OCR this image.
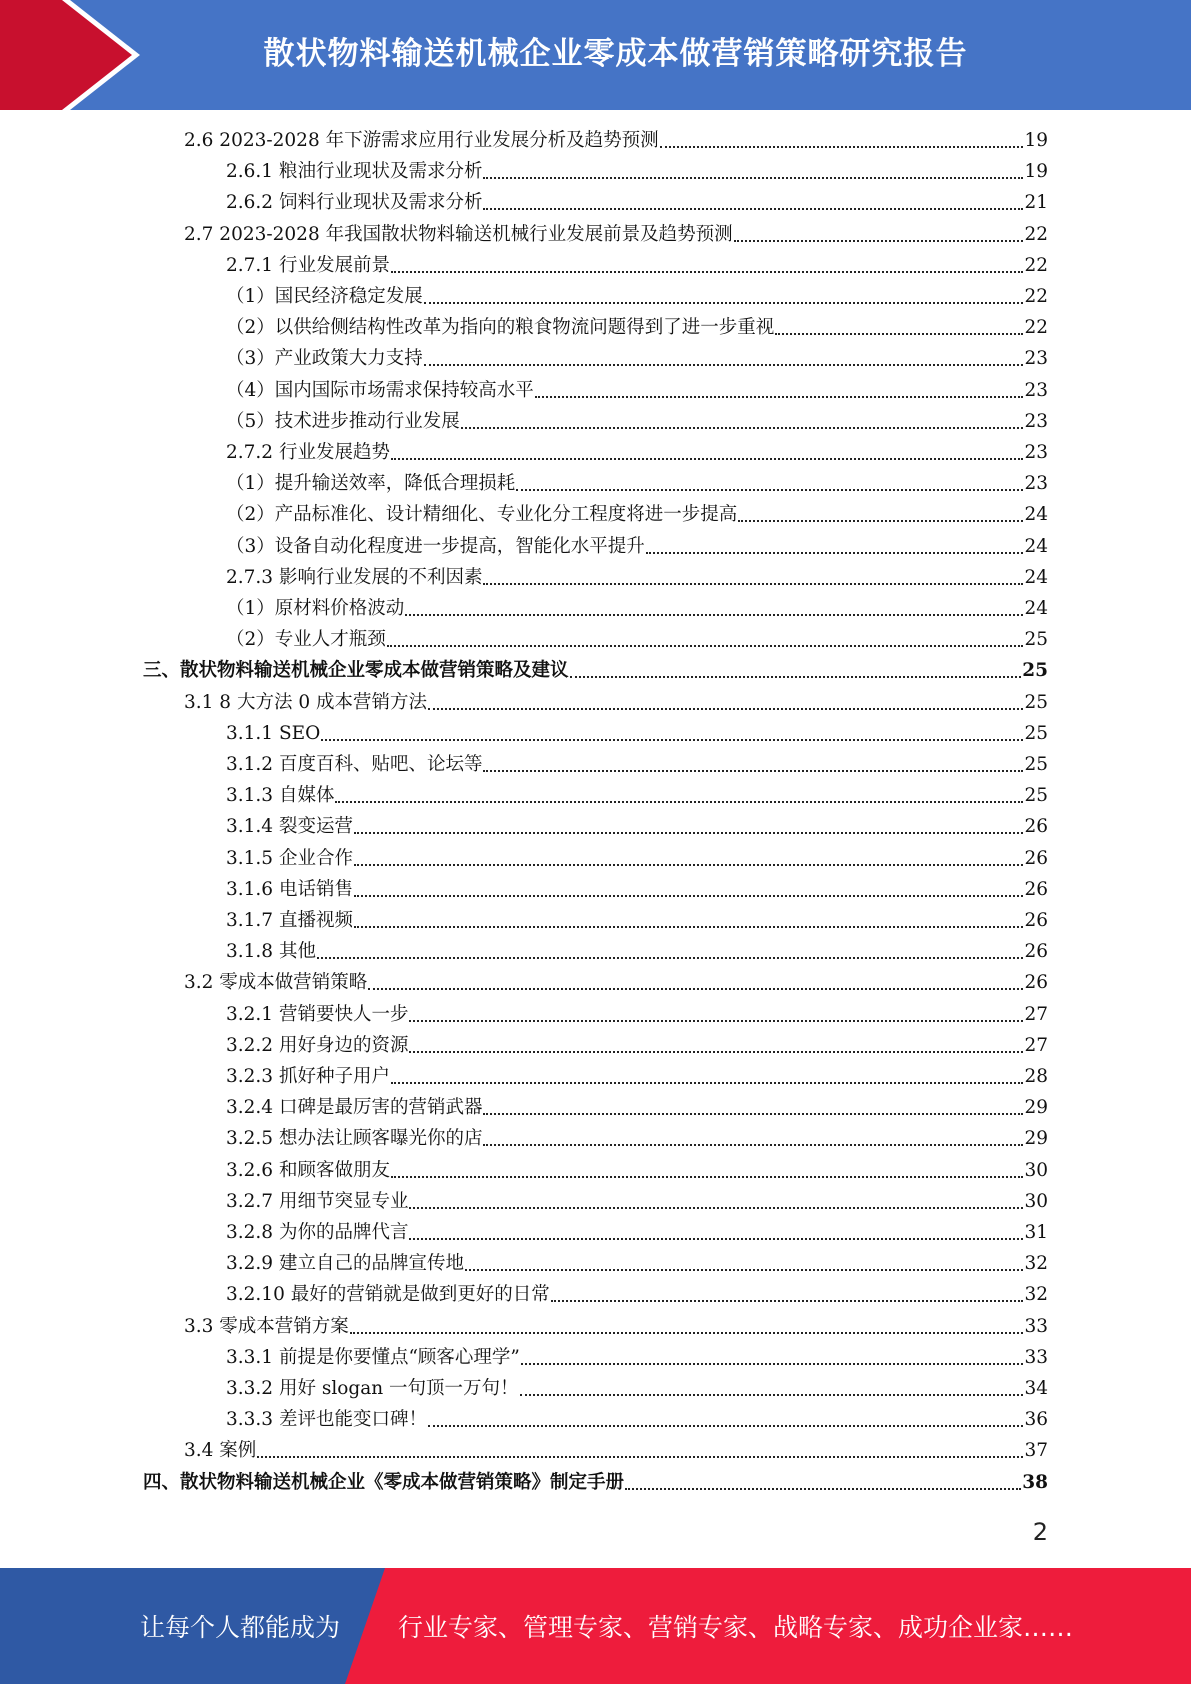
散状物料输送机械企业零成本做营销策略研究报告
2.6 2023-2028 年下游需求应用行业发展分析及趋势预测	19
2.6.1 粮油行业现状及需求分析	19
2.6.2 饲料行业现状及需求分析	21
2.7 2023-2028 年我国散状物料输送机械行业发展前景及趋势预测	22
2.7.1 行业发展前景	22
（1）国民经济稳定发展	22
（2）以供给侧结构性改革为指向的粮食物流问题得到了进一步重视	22
（3）产业政策大力支持	23
（4）国内国际市场需求保持较高水平	23
（5）技术进步推动行业发展	23
2.7.2 行业发展趋势	23
（1）提升输送效率，降低合理损耗	23
（2）产品标准化、设计精细化、专业化分工程度将进一步提高	24
（3）设备自动化程度进一步提高，智能化水平提升	24
2.7.3 影响行业发展的不利因素	24
（1）原材料价格波动	24
（2）专业人才瓶颈	25
三、散状物料输送机械企业零成本做营销策略及建议	25
3.1 8 大方法 0 成本营销方法	25
3.1.1 SEO	25
3.1.2 百度百科、贴吧、论坛等	25
3.1.3 自媒体	25
3.1.4 裂变运营	26
3.1.5 企业合作	26
3.1.6 电话销售	26
3.1.7 直播视频	26
3.1.8 其他	26
3.2 零成本做营销策略	26
3.2.1 营销要快人一步	27
3.2.2 用好身边的资源	27
3.2.3 抓好种子用户	28
3.2.4 口碑是最厉害的营销武器	29
3.2.5 想办法让顾客曝光你的店	29
3.2.6 和顾客做朋友	30
3.2.7 用细节突显专业	30
3.2.8 为你的品牌代言	31
3.2.9 建立自己的品牌宣传地	32
3.2.10 最好的营销就是做到更好的日常	32
3.3 零成本营销方案	33
3.3.1 前提是你要懂点“顾客心理学”	33
3.3.2 用好 slogan 一句顶一万句！	34
3.3.3 差评也能变口碑！	36
3.4 案例	37
四、散状物料输送机械企业《零成本做营销策略》制定手册	38
2
让每个人都能成为 行业专家、管理专家、营销专家、战略专家、成功企业家……
